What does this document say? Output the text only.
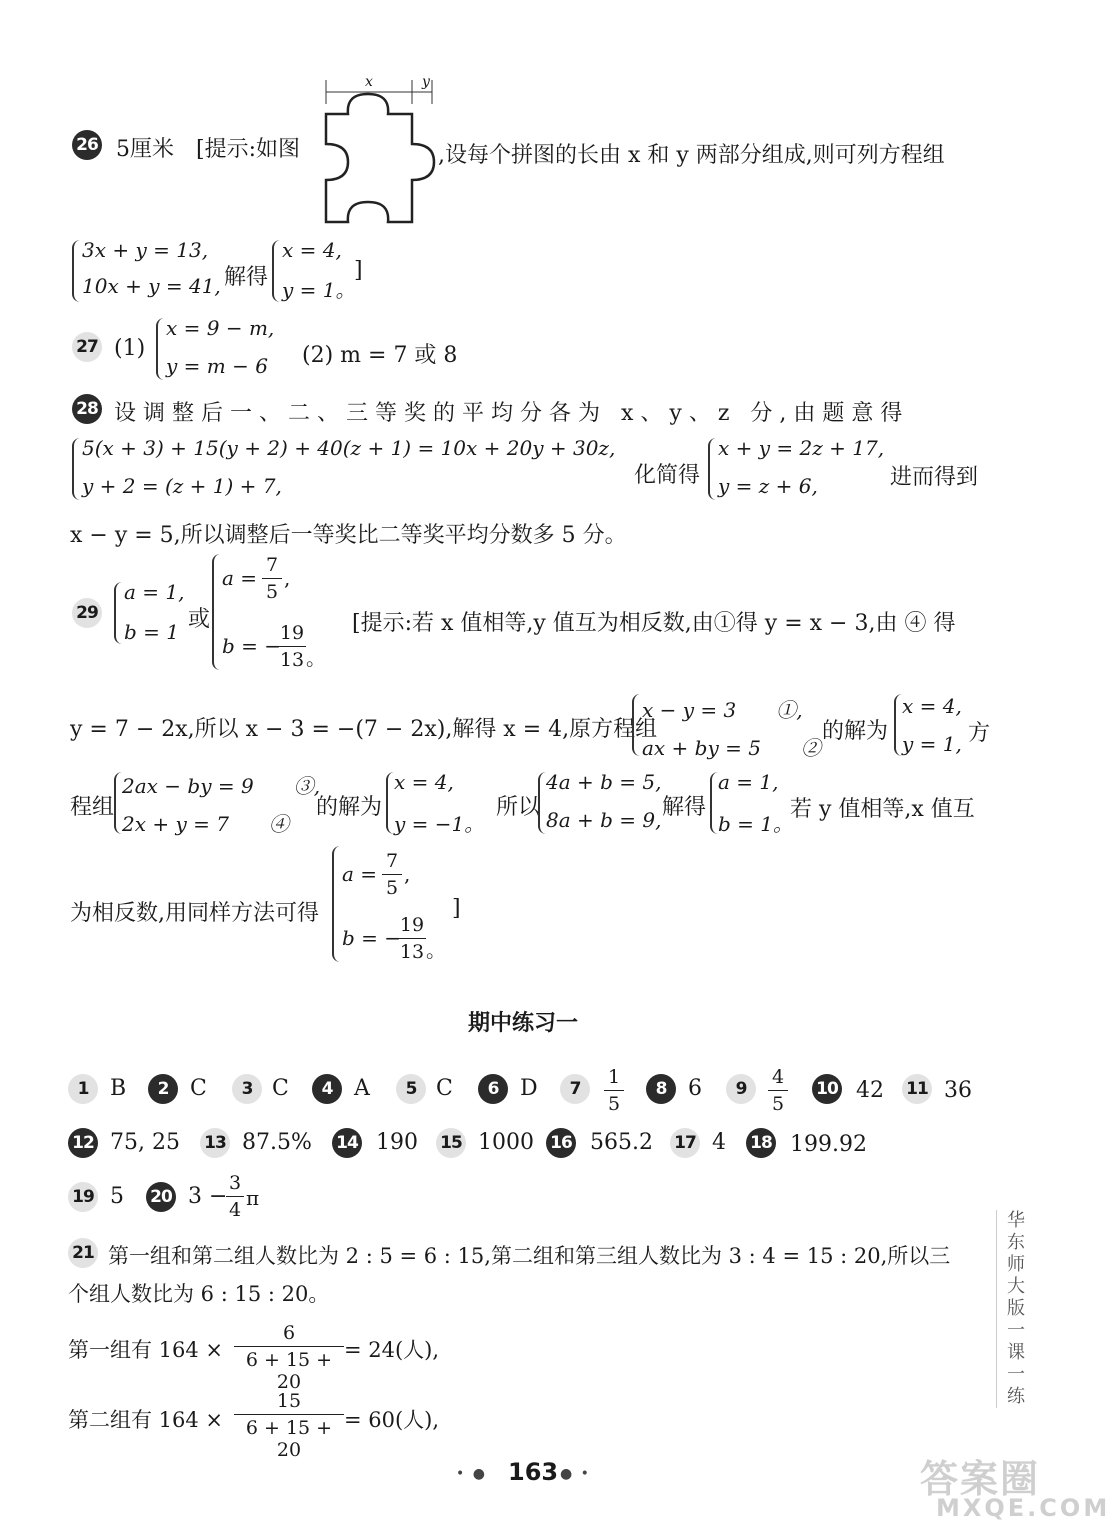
26 5厘米　[提示:如图
x	y
,设每个拼图的长由 x 和 y 两部分组成,则可列方程组
3x + y = 13,
10x + y = 41, 解得
x = 4,
y = 1。
]
27 (1)
x = 9 − m,
y = m − 6 (2) m = 7 或 8
28 设调整后一、二、三等奖的平均分各为 x、y、z 分,由题意得
5(x + 3) + 15(y + 2) + 40(z + 1) = 10x + 20y + 30z,
y + 2 = (z + 1) + 7,	化简得
x + y = 2z + 17,
y = z + 6,	进而得到
x − y = 5,所以调整后一等奖比二等奖平均分数多 5 分。
29
a = 1,
b = 1 或
a =
7
5
,
b = −
19
13 。
[提示:若 x 值相等,y 值互为相反数,由①得 y = x − 3,由 ④ 得
y = 7 − 2x,所以 x − 3 = −(7 − 2x),解得 x = 4,原方程组
x − y = 3　　①,
ax + by = 5　　②
的解为
x = 4,
y = 1, 方
程组
2ax − by = 9　　③,
2x + y = 7　　④
的解为
x = 4,
y = −1。
所以
4a + b = 5,
8a + b = 9, 解得
a = 1,
b = 1。
若 y 值相等,x 值互
为相反数,用同样方法可得
a =
7
5
,
b = −
19
13 。
]
期中练习一
1 B	2 C	3 C	4 A	5 C	6 D	7
1
5
8 6	9
4
5
10 42 11 36
12 75, 25 13 87.5% 14 190 15 1000 16 565.2 17 4 18 199.92
19 5 20 3 −
3
4 π
21 第一组和第二组人数比为 2 : 5 = 6 : 15,第二组和第三组人数比为 3 : 4 = 15 : 20,所以三
个组人数比为 6 : 15 : 20。
第一组有 164 ×
6
6 + 15 + 20
= 24(人),
第二组有 164 ×
15
6 + 15 + 20
= 60(人),
华东师大版一课一练
• ● 163 ● •	答案圈
MXQE.COM
